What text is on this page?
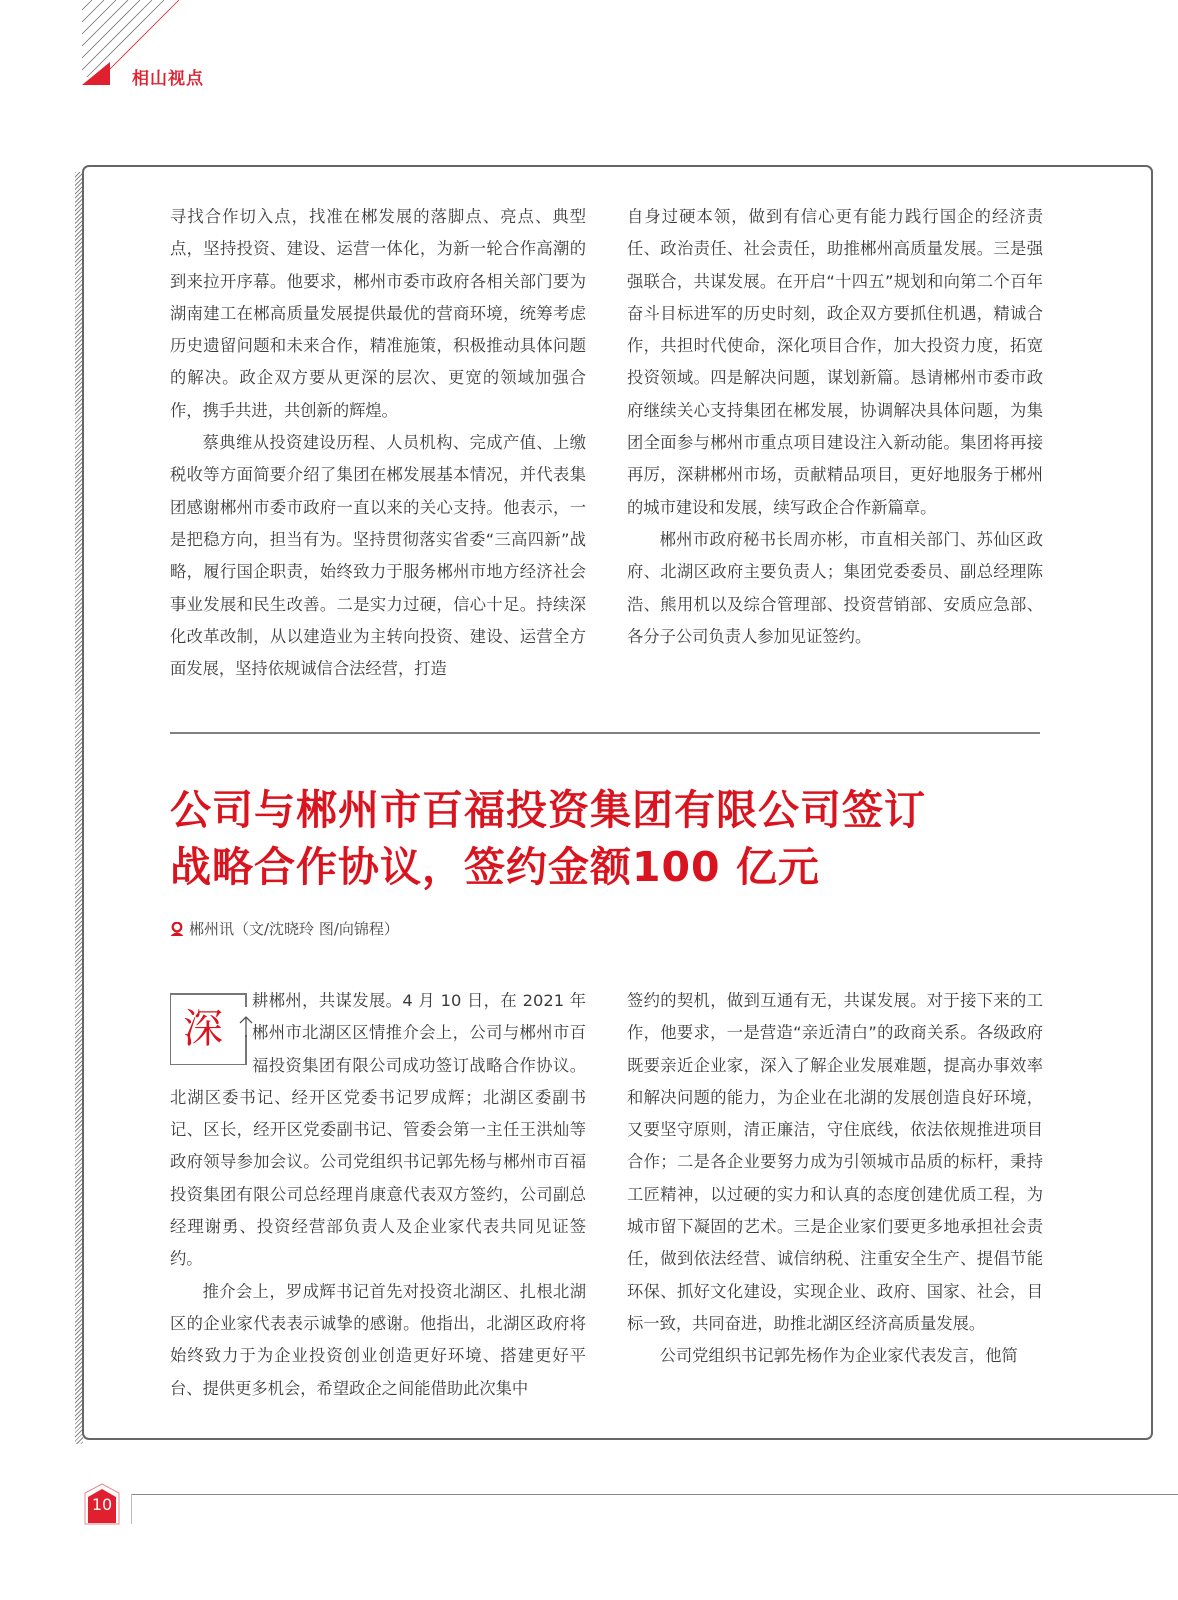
相山视点

寻找合作切入点，找准在郴发展的落脚点、亮点、典型点，坚持投资、建设、运营一体化，为新一轮合作高潮的到来拉开序幕。他要求，郴州市委市政府各相关部门要为湖南建工在郴高质量发展提供最优的营商环境，统筹考虑历史遗留问题和未来合作，精准施策，积极推动具体问题的解决。政企双方要从更深的层次、更宽的领域加强合作，携手共进，共创新的辉煌。

蔡典维从投资建设历程、人员机构、完成产值、上缴税收等方面简要介绍了集团在郴发展基本情况，并代表集团感谢郴州市委市政府一直以来的关心支持。他表示，一是把稳方向，担当有为。坚持贯彻落实省委“三高四新”战略，履行国企职责，始终致力于服务郴州市地方经济社会事业发展和民生改善。二是实力过硬，信心十足。持续深化改革改制，从以建造业为主转向投资、建设、运营全方面发展，坚持依规诚信合法经营，打造

自身过硬本领，做到有信心更有能力践行国企的经济责任、政治责任、社会责任，助推郴州高质量发展。三是强强联合，共谋发展。在开启“十四五”规划和向第二个百年奋斗目标进军的历史时刻，政企双方要抓住机遇，精诚合作，共担时代使命，深化项目合作，加大投资力度，拓宽投资领域。四是解决问题，谋划新篇。恳请郴州市委市政府继续关心支持集团在郴发展，协调解决具体问题，为集团全面参与郴州市重点项目建设注入新动能。集团将再接再厉，深耕郴州市场，贡献精品项目，更好地服务于郴州的城市建设和发展，续写政企合作新篇章。

郴州市政府秘书长周亦彬，市直相关部门、苏仙区政府、北湖区政府主要负责人；集团党委委员、副总经理陈浩、熊用机以及综合管理部、投资营销部、安质应急部、各分子公司负责人参加见证签约。

公司与郴州市百福投资集团有限公司签订
战略合作协议，签约金额100 亿元
郴州讯（文/沈晓玲 图/向锦程）

深
耕郴州，共谋发展。4 月 10 日，在 2021 年郴州市北湖区区情推介会上，公司与郴州市百福投资集团有限公司成功签订战略合作协议。北湖区委书记、经开区党委书记罗成辉；北湖区委副书记、区长，经开区党委副书记、管委会第一主任王洪灿等政府领导参加会议。公司党组织书记郭先杨与郴州市百福投资集团有限公司总经理肖康意代表双方签约，公司副总经理谢勇、投资经营部负责人及企业家代表共同见证签约。

推介会上，罗成辉书记首先对投资北湖区、扎根北湖区的企业家代表表示诚挚的感谢。他指出，北湖区政府将始终致力于为企业投资创业创造更好环境、搭建更好平台、提供更多机会，希望政企之间能借助此次集中

签约的契机，做到互通有无，共谋发展。对于接下来的工作，他要求，一是营造“亲近清白”的政商关系。各级政府既要亲近企业家，深入了解企业发展难题，提高办事效率和解决问题的能力，为企业在北湖的发展创造良好环境，又要坚守原则，清正廉洁，守住底线，依法依规推进项目合作；二是各企业要努力成为引领城市品质的标杆，秉持工匠精神，以过硬的实力和认真的态度创建优质工程，为城市留下凝固的艺术。三是企业家们要更多地承担社会责任，做到依法经营、诚信纳税、注重安全生产、提倡节能环保、抓好文化建设，实现企业、政府、国家、社会，目标一致，共同奋进，助推北湖区经济高质量发展。

公司党组织书记郭先杨作为企业家代表发言，他简

10
